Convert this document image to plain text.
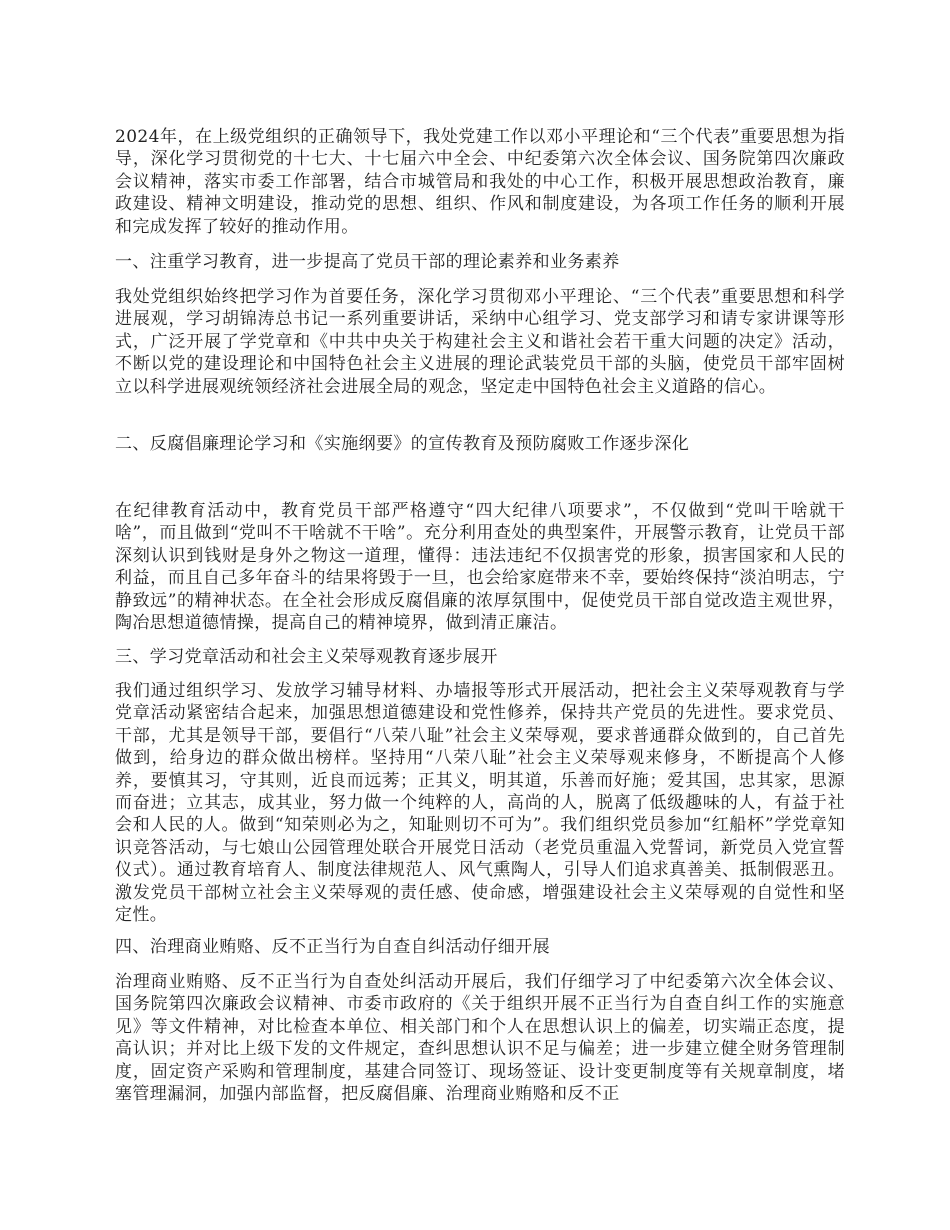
2024年，在上级党组织的正确领导下，我处党建工作以邓小平理论和“三个代表”重要思想为指导，深化学习贯彻党的十七大、十七届六中全会、中纪委第六次全体会议、国务院第四次廉政会议精神，落实市委工作部署，结合市城管局和我处的中心工作，积极开展思想政治教育，廉政建设、精神文明建设，推动党的思想、组织、作风和制度建设，为各项工作任务的顺利开展和完成发挥了较好的推动作用。

一、注重学习教育，进一步提高了党员干部的理论素养和业务素养

我处党组织始终把学习作为首要任务，深化学习贯彻邓小平理论、“三个代表”重要思想和科学进展观，学习胡锦涛总书记一系列重要讲话，采纳中心组学习、党支部学习和请专家讲课等形式，广泛开展了学党章和《中共中央关于构建社会主义和谐社会若干重大问题的决定》活动，不断以党的建设理论和中国特色社会主义进展的理论武装党员干部的头脑，使党员干部牢固树立以科学进展观统领经济社会进展全局的观念，坚定走中国特色社会主义道路的信心。

二、反腐倡廉理论学习和《实施纲要》的宣传教育及预防腐败工作逐步深化

在纪律教育活动中，教育党员干部严格遵守“四大纪律八项要求”，不仅做到“党叫干啥就干啥”，而且做到“党叫不干啥就不干啥”。充分利用查处的典型案件，开展警示教育，让党员干部深刻认识到钱财是身外之物这一道理，懂得：违法违纪不仅损害党的形象，损害国家和人民的利益，而且自己多年奋斗的结果将毁于一旦，也会给家庭带来不幸，要始终保持“淡泊明志，宁静致远”的精神状态。在全社会形成反腐倡廉的浓厚氛围中，促使党员干部自觉改造主观世界，陶冶思想道德情操，提高自己的精神境界，做到清正廉洁。

三、学习党章活动和社会主义荣辱观教育逐步展开

我们通过组织学习、发放学习辅导材料、办墙报等形式开展活动，把社会主义荣辱观教育与学党章活动紧密结合起来，加强思想道德建设和党性修养，保持共产党员的先进性。要求党员、干部，尤其是领导干部，要倡行“八荣八耻”社会主义荣辱观，要求普通群众做到的，自己首先做到，给身边的群众做出榜样。坚持用“八荣八耻”社会主义荣辱观来修身，不断提高个人修养，要慎其习，守其则，近良而远莠；正其义，明其道，乐善而好施；爱其国，忠其家，思源而奋进；立其志，成其业，努力做一个纯粹的人，高尚的人，脱离了低级趣味的人，有益于社会和人民的人。做到“知荣则必为之，知耻则切不可为”。我们组织党员参加“红船杯”学党章知识竞答活动，与七娘山公园管理处联合开展党日活动（老党员重温入党誓词，新党员入党宣誓仪式）。通过教育培育人、制度法律规范人、风气熏陶人，引导人们追求真善美、抵制假恶丑。激发党员干部树立社会主义荣辱观的责任感、使命感，增强建设社会主义荣辱观的自觉性和坚定性。

四、治理商业贿赂、反不正当行为自查自纠活动仔细开展

治理商业贿赂、反不正当行为自查处纠活动开展后，我们仔细学习了中纪委第六次全体会议、国务院第四次廉政会议精神、市委市政府的《关于组织开展不正当行为自查自纠工作的实施意见》等文件精神，对比检查本单位、相关部门和个人在思想认识上的偏差，切实端正态度，提高认识；并对比上级下发的文件规定，查纠思想认识不足与偏差；进一步建立健全财务管理制度，固定资产采购和管理制度，基建合同签订、现场签证、设计变更制度等有关规章制度，堵塞管理漏洞，加强内部监督，把反腐倡廉、治理商业贿赂和反不正
